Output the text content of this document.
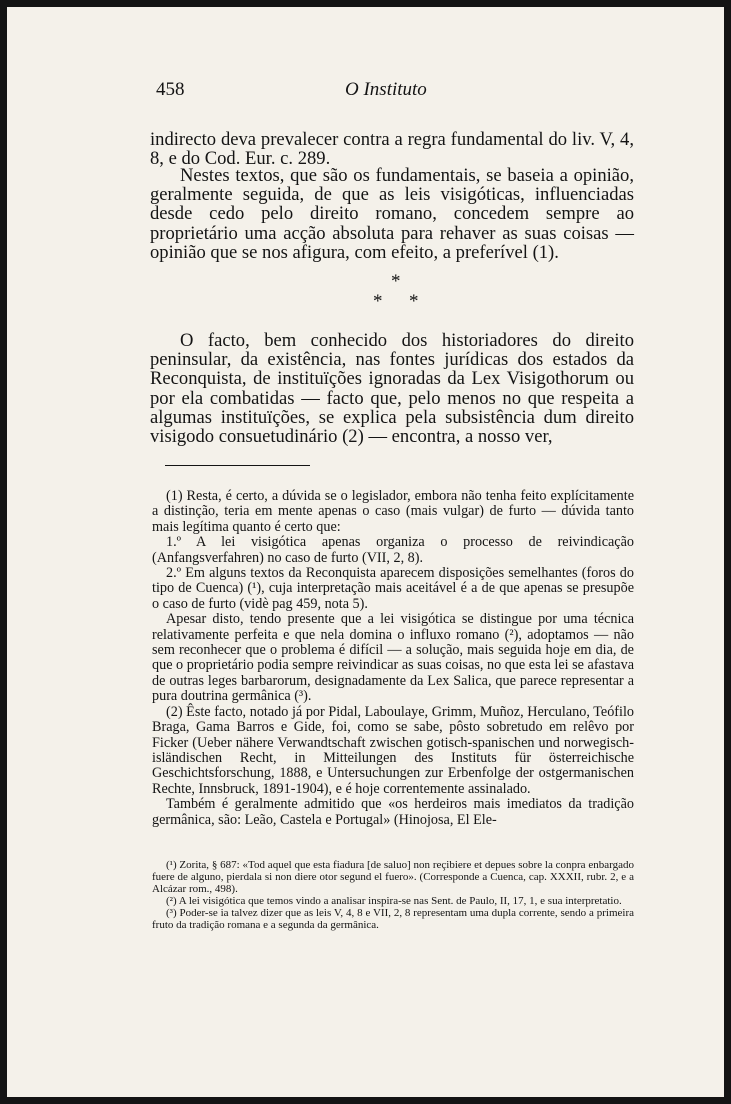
458	O Instituto

indirecto deva prevalecer contra a regra fundamental do liv. V, 4, 8, e do Cod. Eur. c. 289.

Nestes textos, que são os fundamentais, se baseia a opinião, geralmente seguida, de que as leis visigóticas, influenciadas desde cedo pelo direito romano, concedem sempre ao proprietário uma acção absoluta para rehaver as suas coisas — opinião que se nos afigura, com efeito, a preferível (1).

*
* *

O facto, bem conhecido dos historiadores do direito peninsular, da existência, nas fontes jurídicas dos estados da Reconquista, de instituïções ignoradas da Lex Visigothorum ou por ela combatidas — facto que, pelo menos no que respeita a algumas instituïções, se explica pela subsistência dum direito visigodo consuetudinário (2) — encontra, a nosso ver,

(1) Resta, é certo, a dúvida se o legislador, embora não tenha feito explícitamente a distinção, teria em mente apenas o caso (mais vulgar) de furto — dúvida tanto mais legítima quanto é certo que:

1.º A lei visigótica apenas organiza o processo de reivindicação (Anfangsverfahren) no caso de furto (VII, 2, 8).

2.º Em alguns textos da Reconquista aparecem disposições semelhantes (foros do tipo de Cuenca) (¹), cuja interpretação mais aceitável é a de que apenas se presupõe o caso de furto (vidè pag 459, nota 5).

Apesar disto, tendo presente que a lei visigótica se distingue por uma técnica relativamente perfeita e que nela domina o influxo romano (²), adoptamos — não sem reconhecer que o problema é difícil — a solução, mais seguida hoje em dia, de que o proprietário podia sempre reivindicar as suas coisas, no que esta lei se afastava de outras leges barbarorum, designadamente da Lex Salica, que parece representar a pura doutrina germânica (³).

(2) Êste facto, notado já por Pidal, Laboulaye, Grimm, Muñoz, Herculano, Teófilo Braga, Gama Barros e Gide, foi, como se sabe, pôsto sobretudo em relêvo por Ficker (Ueber nähere Verwandtschaft zwischen gotisch-spanischen und norwegisch-isländischen Recht, in Mitteilungen des Instituts für österreichische Geschichtsforschung, 1888, e Untersuchungen zur Erbenfolge der ostgermanischen Rechte, Innsbruck, 1891-1904), e é hoje correntemente assinalado.

Também é geralmente admitido que «os herdeiros mais imediatos da tradição germânica, são: Leão, Castela e Portugal» (Hinojosa, El Ele-

(¹) Zorita, § 687: «Tod aquel que esta fiadura [de saluo] non reçibiere et depues sobre la conpra enbargado fuere de alguno, pierdala si non diere otor segund el fuero». (Corresponde a Cuenca, cap. XXXII, rubr. 2, e a Alcázar rom., 498).

(²) A lei visigótica que temos vindo a analisar inspira-se nas Sent. de Paulo, II, 17, 1, e sua interpretatio.

(³) Poder-se ia talvez dizer que as leis V, 4, 8 e VII, 2, 8 representam uma dupla corrente, sendo a primeira fruto da tradição romana e a segunda da germânica.
